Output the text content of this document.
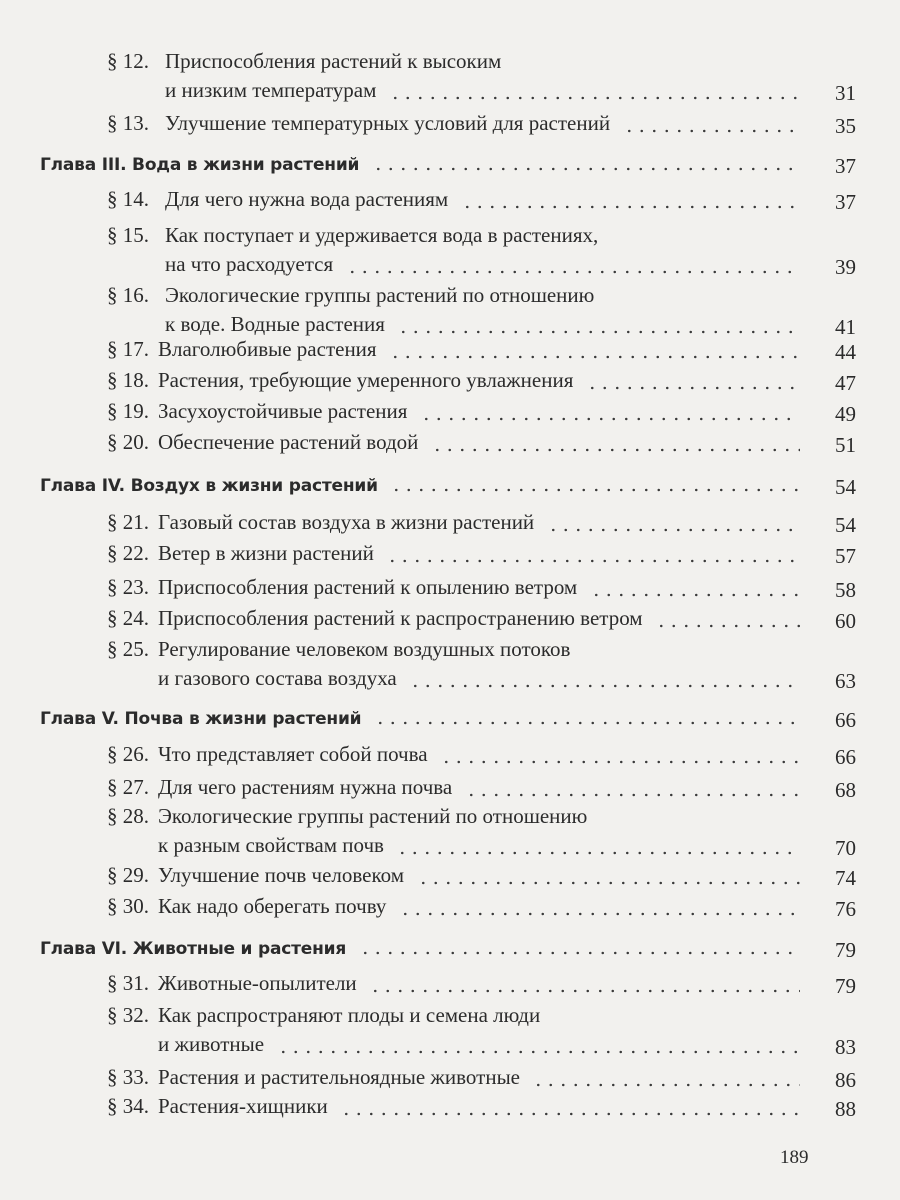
§ 12. Приспособления растений к высоким
и низким температурам	31
§ 13. Улучшение температурных условий для растений	35
Глава III. Вода в жизни растений	37
§ 14. Для чего нужна вода растениям	37
§ 15. Как поступает и удерживается вода в растениях,
на что расходуется	39
§ 16. Экологические группы растений по отношению
к воде. Водные растения	41
§ 17. Влаголюбивые растения	44
§ 18. Растения, требующие умеренного увлажнения	47
§ 19. Засухоустойчивые растения	49
§ 20. Обеспечение растений водой	51
Глава IV. Воздух в жизни растений	54
§ 21. Газовый состав воздуха в жизни растений	54
§ 22. Ветер в жизни растений	57
§ 23. Приспособления растений к опылению ветром	58
§ 24. Приспособления растений к распространению ветром	60
§ 25. Регулирование человеком воздушных потоков
и газового состава воздуха	63
Глава V. Почва в жизни растений	66
§ 26. Что представляет собой почва	66
§ 27. Для чего растениям нужна почва	68
§ 28. Экологические группы растений по отношению
к разным свойствам почв	70
§ 29. Улучшение почв человеком	74
§ 30. Как надо оберегать почву	76
Глава VI. Животные и растения	79
§ 31. Животные-опылители	79
§ 32. Как распространяют плоды и семена люди
и животные	83
§ 33. Растения и растительноядные животные	86
§ 34. Растения-хищники	88
189
